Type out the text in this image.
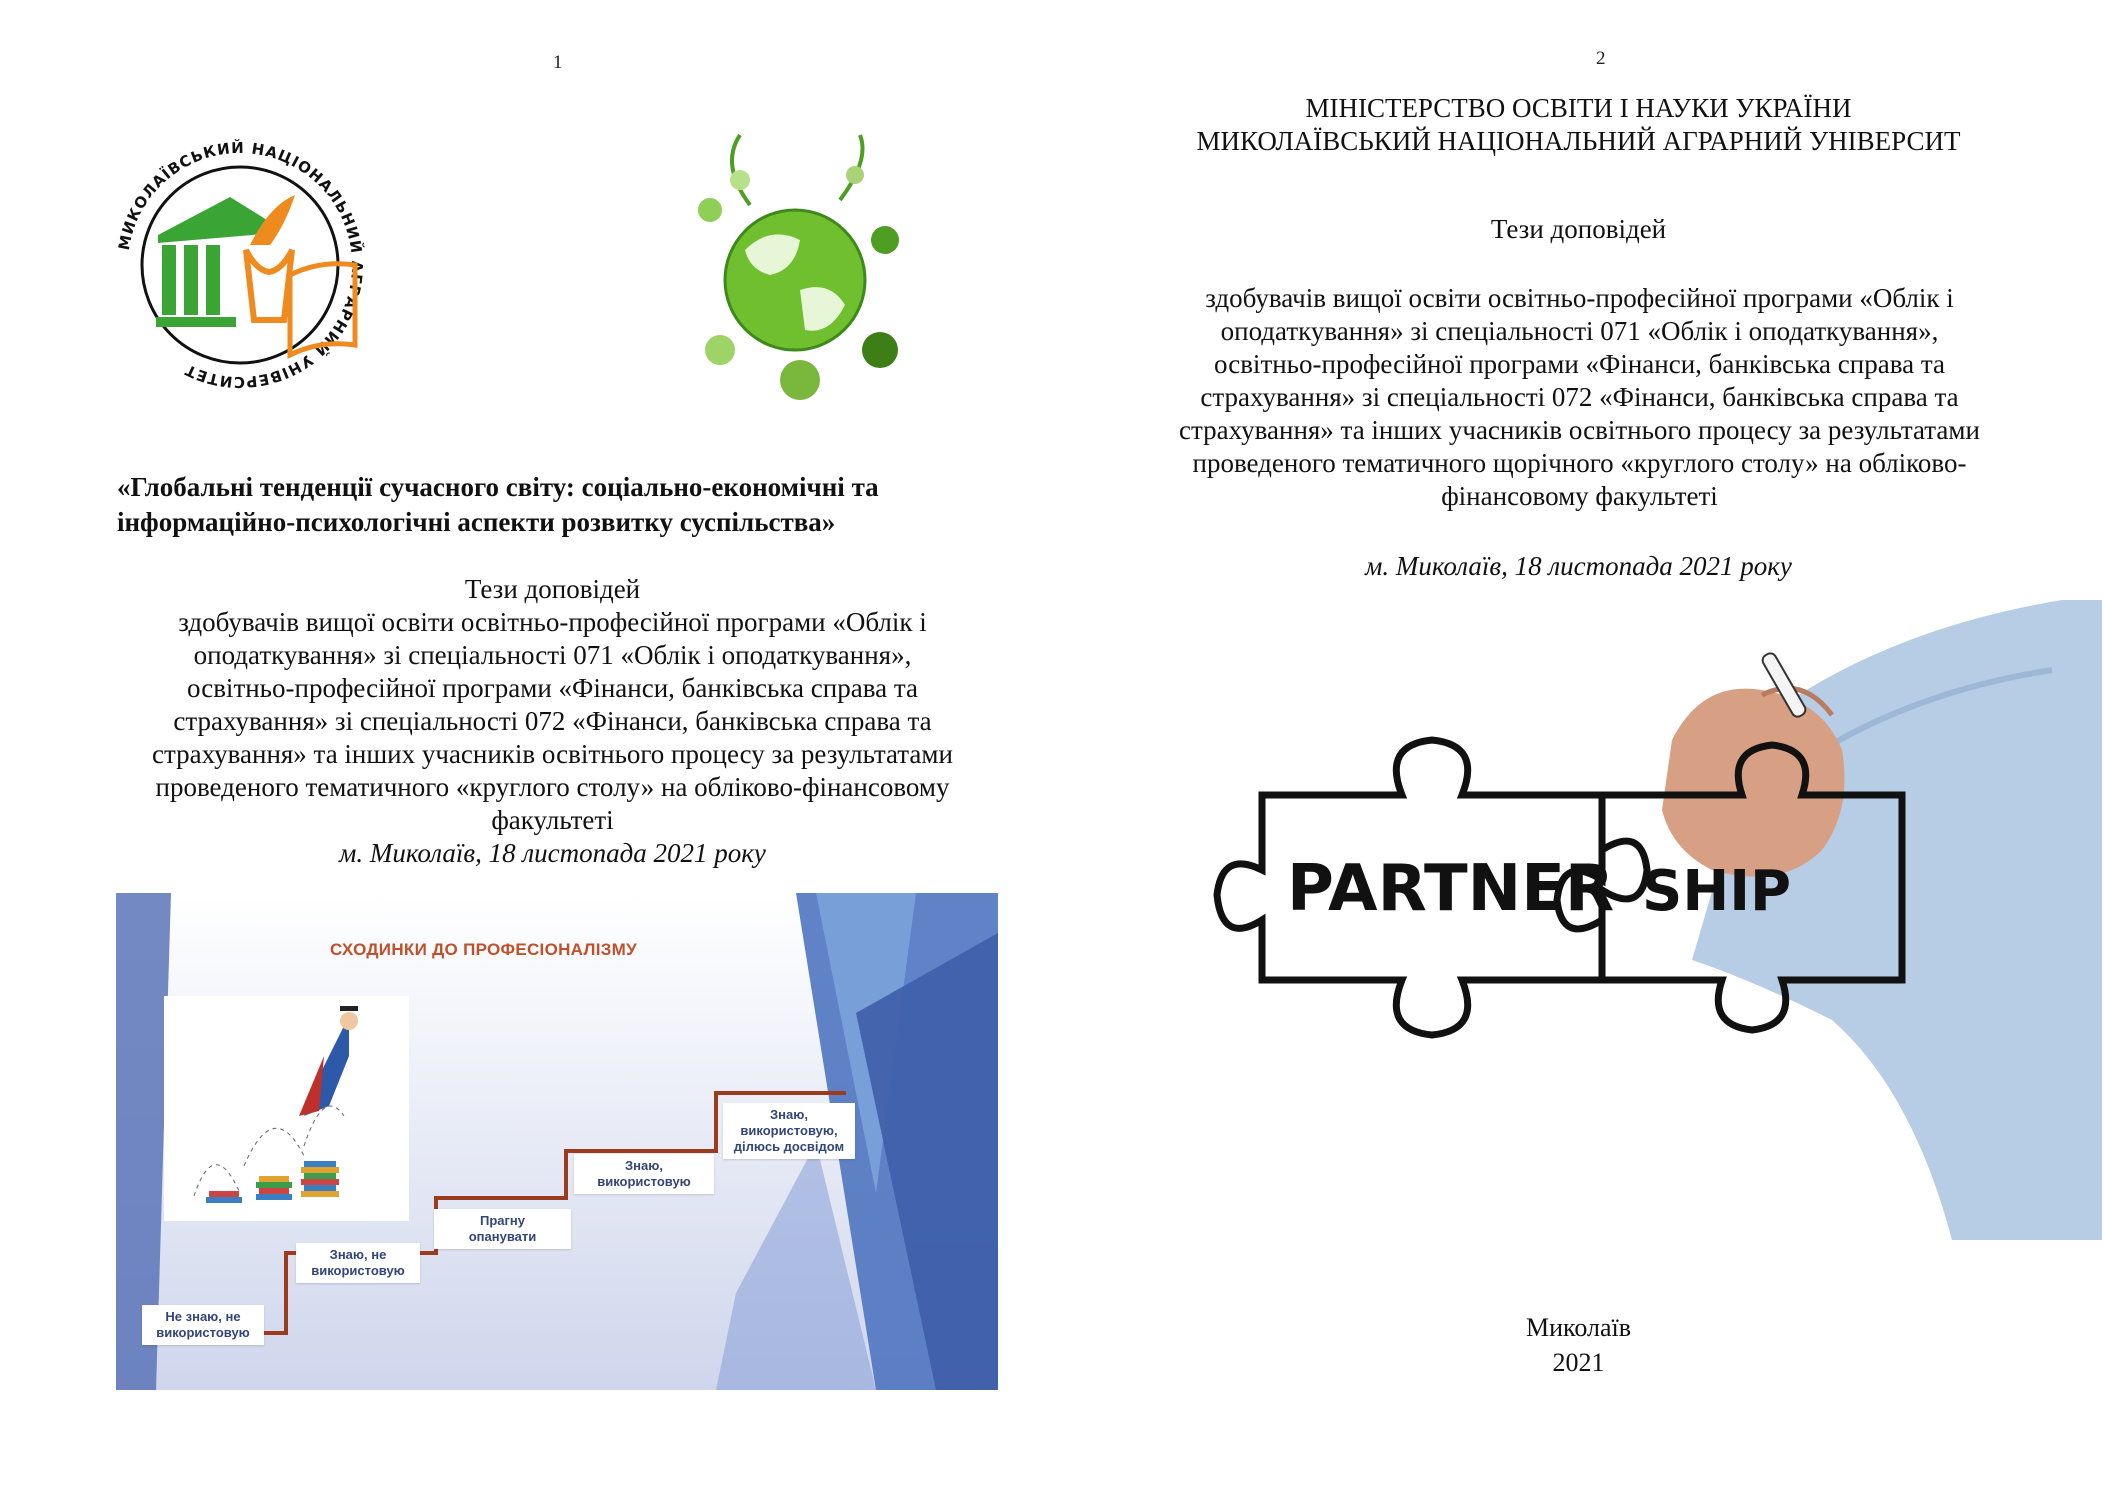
1
МИКОЛАЇВСЬКИЙ НАЦІОНАЛЬНИЙ АГРАРНИЙ УНІВЕРСИТЕТ
«Глобальні тенденції сучасного світу: соціально-економічні та
інформаційно-психологічні аспекти розвитку суспільства»
Тези доповідей
здобувачів вищої освіти освітньо-професійної програми «Облік і
оподаткування» зі спеціальності 071 «Облік і оподаткування»,
освітньо-професійної програми «Фінанси, банківська справа та
страхування» зі спеціальності 072 «Фінанси, банківська справа та
страхування» та інших учасників освітнього процесу за результатами
проведеного тематичного «круглого столу» на обліково-фінансовому
факультеті
м. Миколаїв, 18 листопада 2021 року
СХОДИНКИ ДО ПРОФЕСІОНАЛІЗМУ
Не знаю, не
використовую
Знаю, не
використовую
Прагну
опанувати
Знаю,
використовую
Знаю,
використовую,
ділюсь досвідом
2
МІНІСТЕРСТВО ОСВІТИ І НАУКИ УКРАЇНИ
МИКОЛАЇВСЬКИЙ НАЦІОНАЛЬНИЙ АГРАРНИЙ УНІВЕРСИТ
Тези доповідей
здобувачів вищої освіти освітньо-професійної програми «Облік і
оподаткування» зі спеціальності 071 «Облік і оподаткування»,
освітньо-професійної програми «Фінанси, банківська справа та
страхування» зі спеціальності 072 «Фінанси, банківська справа та
страхування» та інших учасників освітнього процесу за результатами
проведеного тематичного щорічного «круглого столу» на обліково-
фінансовому факультеті
м. Миколаїв, 18 листопада 2021 року
PARTNER SHIP
Миколаїв
2021
